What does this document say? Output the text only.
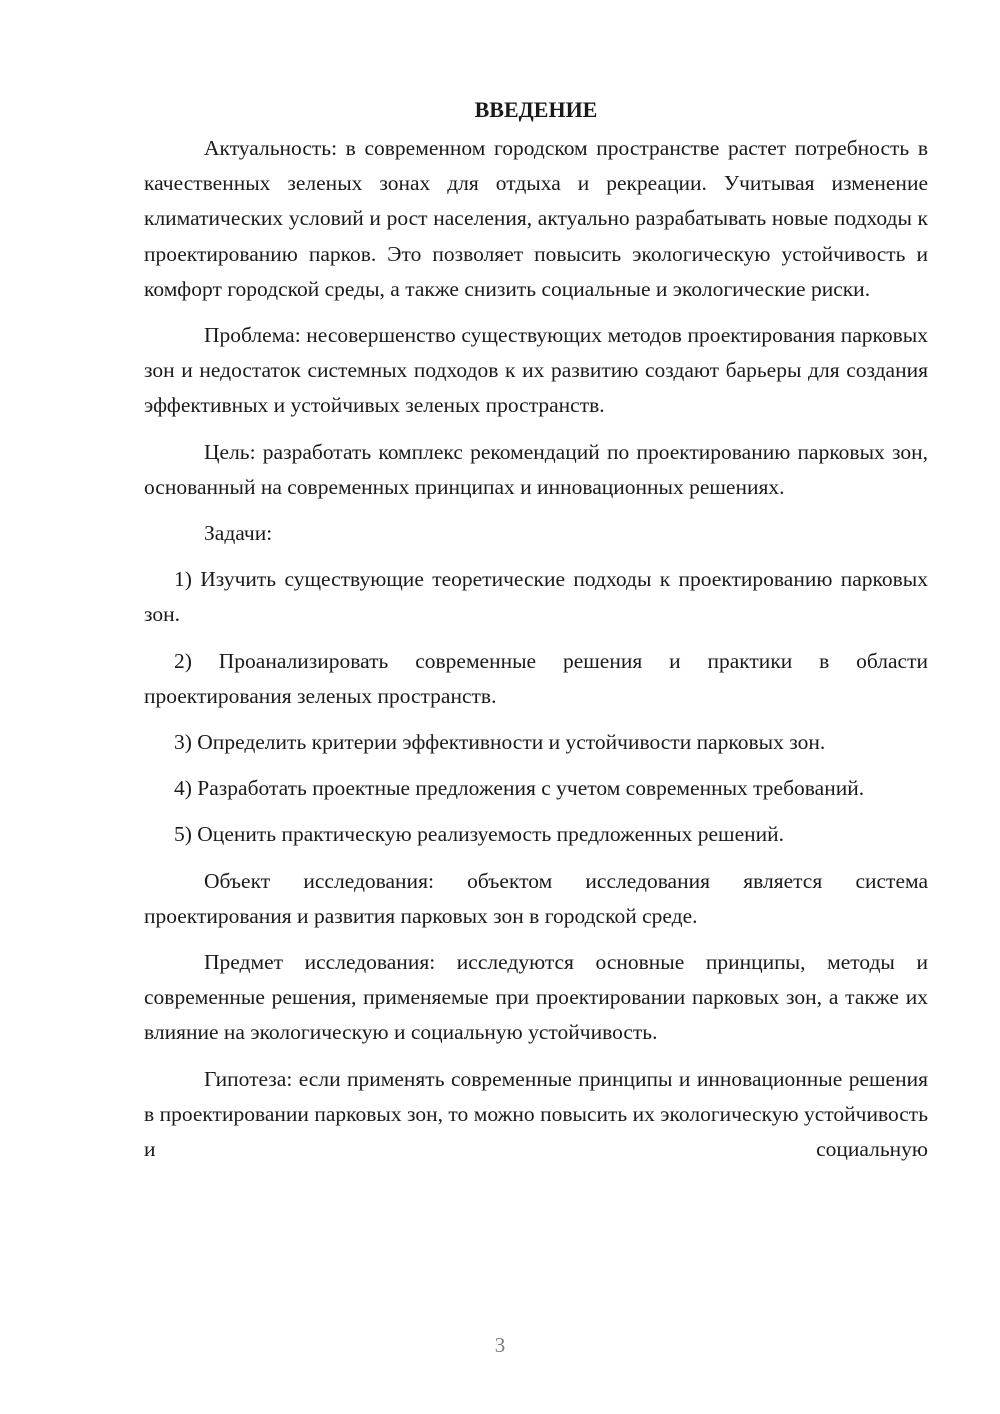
ВВЕДЕНИЕ

Актуальность: в современном городском пространстве растет потребность в качественных зеленых зонах для отдыха и рекреации. Учитывая изменение климатических условий и рост населения, актуально разрабатывать новые подходы к проектированию парков. Это позволяет повысить экологическую устойчивость и комфорт городской среды, а также снизить социальные и экологические риски.

Проблема: несовершенство существующих методов проектирования парковых зон и недостаток системных подходов к их развитию создают барьеры для создания эффективных и устойчивых зеленых пространств.

Цель: разработать комплекс рекомендаций по проектированию парковых зон, основанный на современных принципах и инновационных решениях.

Задачи:

1) Изучить существующие теоретические подходы к проектированию парковых зон.

2) Проанализировать современные решения и практики в области проектирования зеленых пространств.

3) Определить критерии эффективности и устойчивости парковых зон.

4) Разработать проектные предложения с учетом современных требований.

5) Оценить практическую реализуемость предложенных решений.

Объект исследования: объектом исследования является система проектирования и развития парковых зон в городской среде.

Предмет исследования: исследуются основные принципы, методы и современные решения, применяемые при проектировании парковых зон, а также их влияние на экологическую и социальную устойчивость.

Гипотеза: если применять современные принципы и инновационные решения в проектировании парковых зон, то можно повысить их экологическую устойчивость и социальную

3
